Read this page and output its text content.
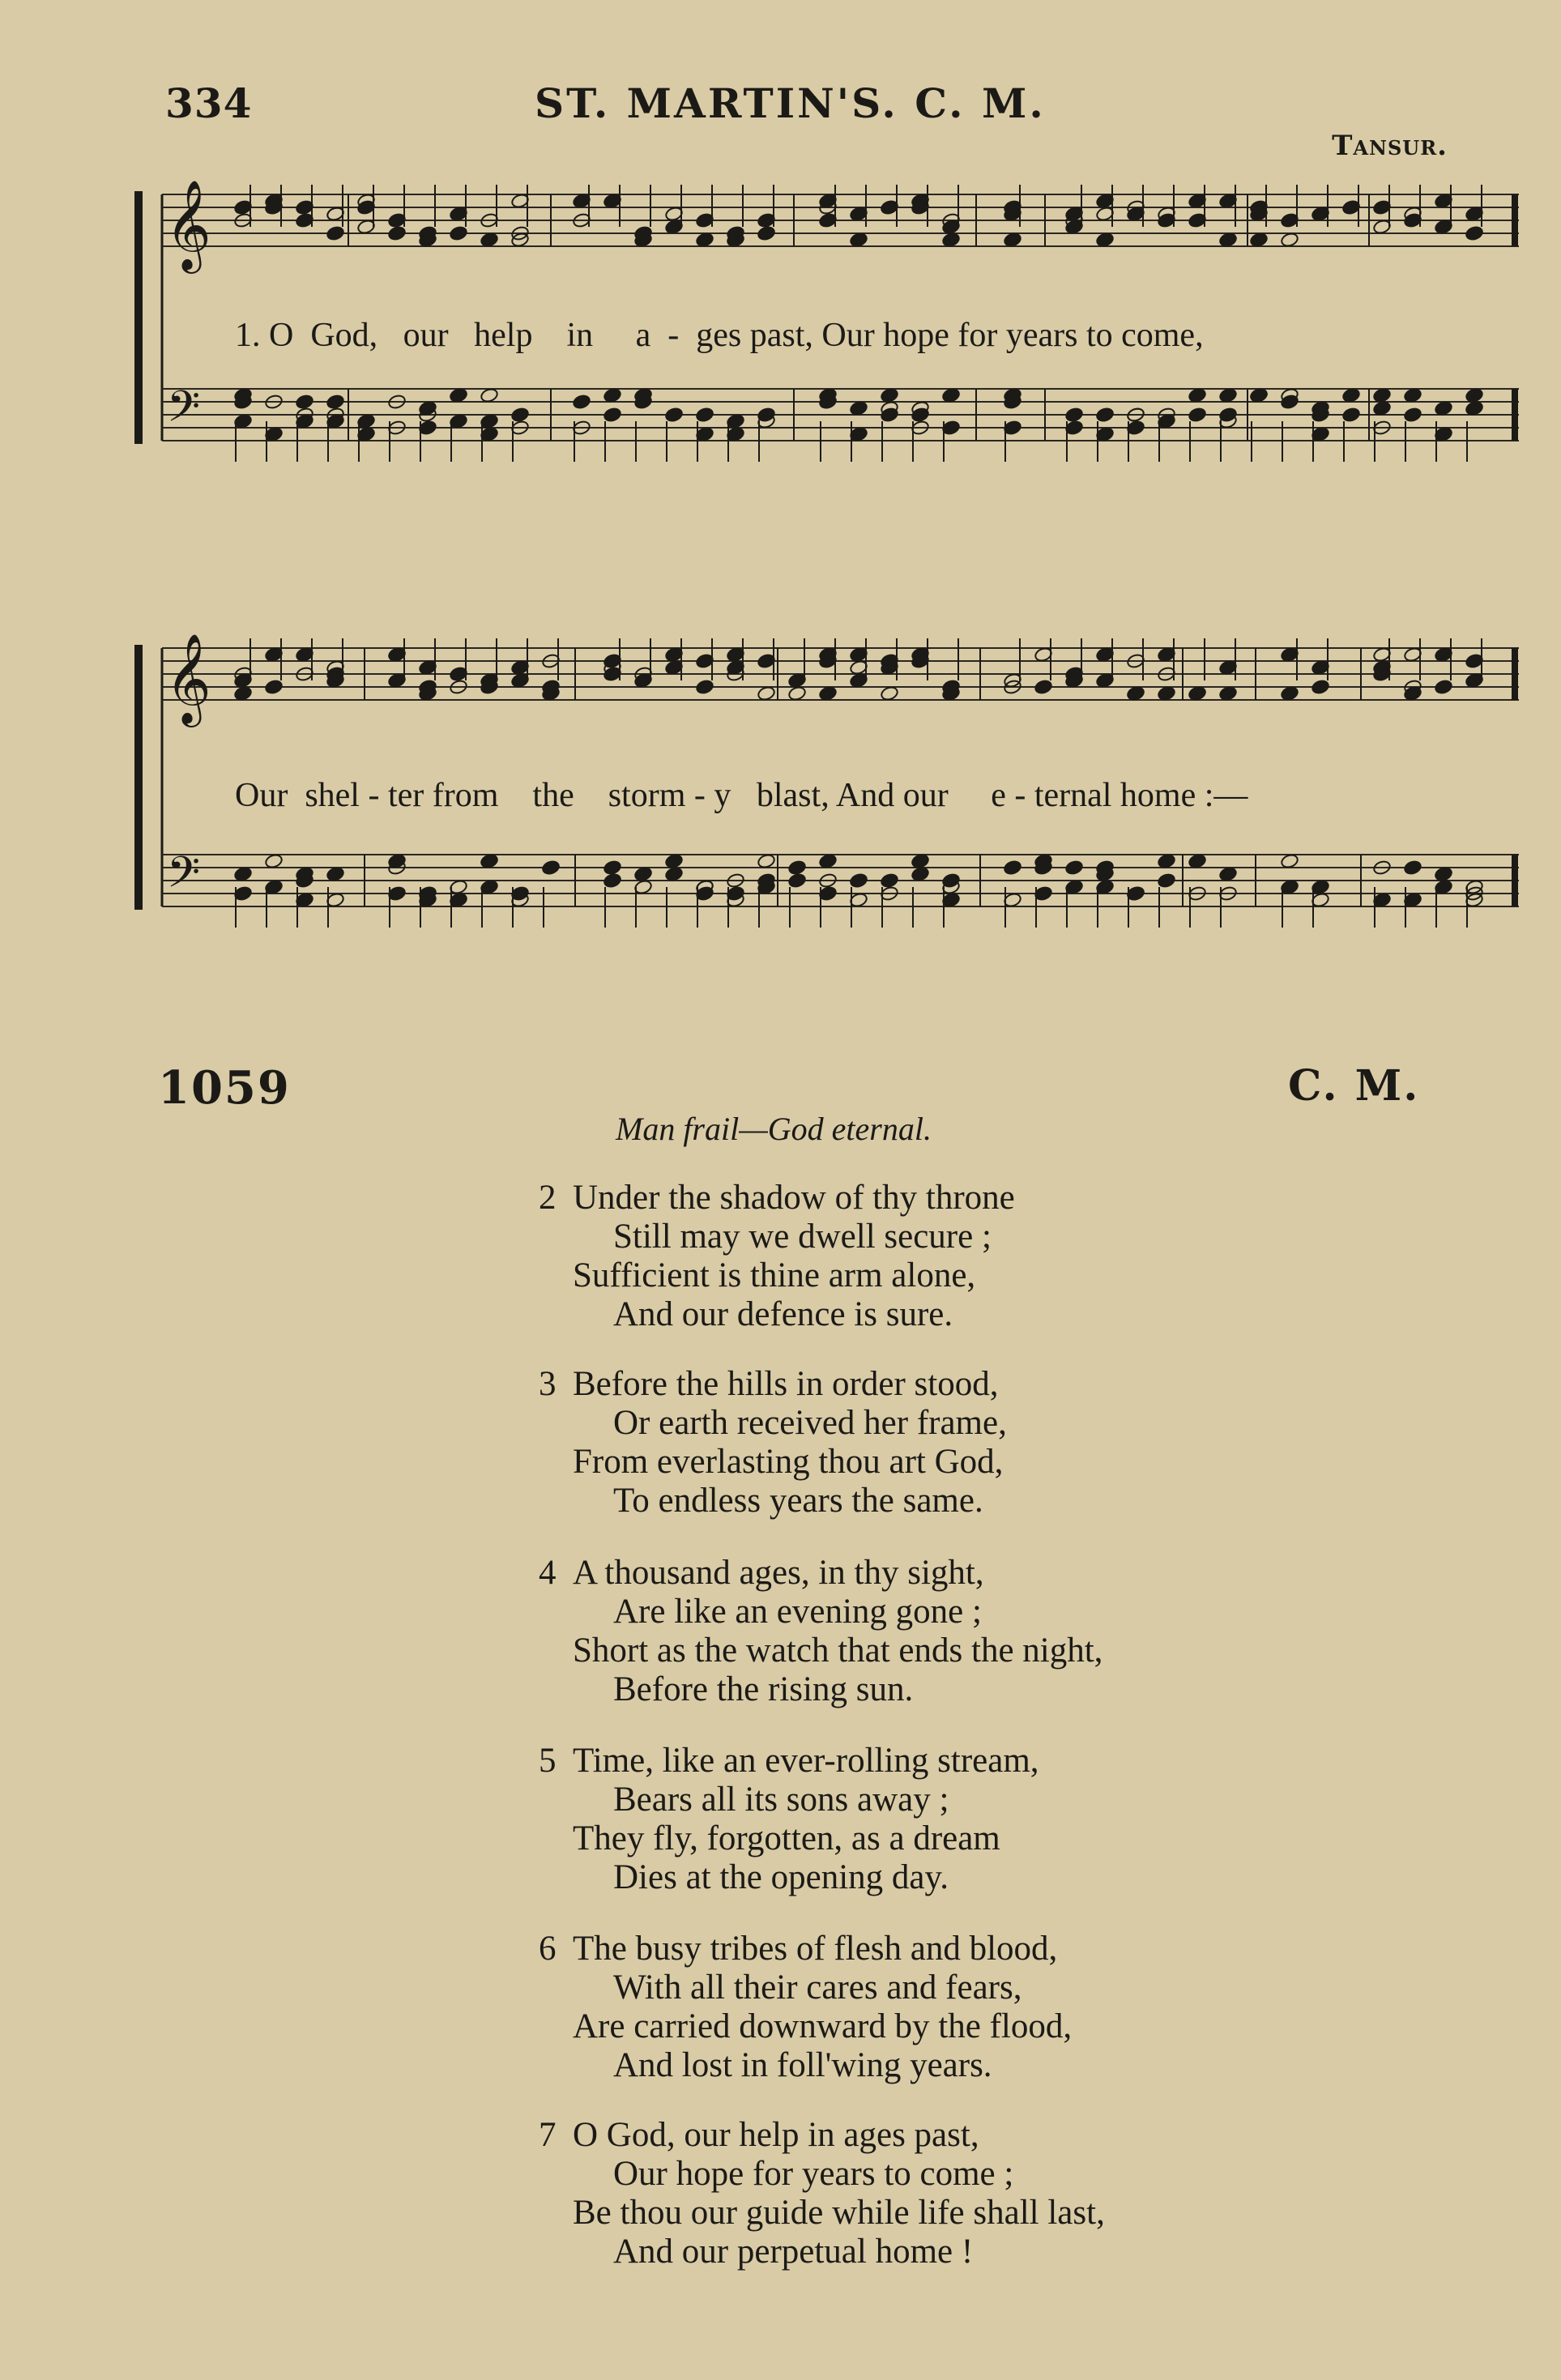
334	ST. MARTIN'S. C. M.
Tansur.
𝄞
𝄢
1. O  God,   our   help    in     a  -  ges past, Our hope for years to come,
𝄞
𝄢
Our  shel - ter from    the    storm - y   blast, And our     e - ternal home :—
1059	C. M.
Man frail—God eternal.
2 Under the shadow of thy throne
Still may we dwell secure ;
Sufficient is thine arm alone,
And our defence is sure.
3 Before the hills in order stood,
Or earth received her frame,
From everlasting thou art God,
To endless years the same.
4 A thousand ages, in thy sight,
Are like an evening gone ;
Short as the watch that ends the night,
Before the rising sun.
5 Time, like an ever-rolling stream,
Bears all its sons away ;
They fly, forgotten, as a dream
Dies at the opening day.
6 The busy tribes of flesh and blood,
With all their cares and fears,
Are carried downward by the flood,
And lost in foll'wing years.
7 O God, our help in ages past,
Our hope for years to come ;
Be thou our guide while life shall last,
And our perpetual home !
